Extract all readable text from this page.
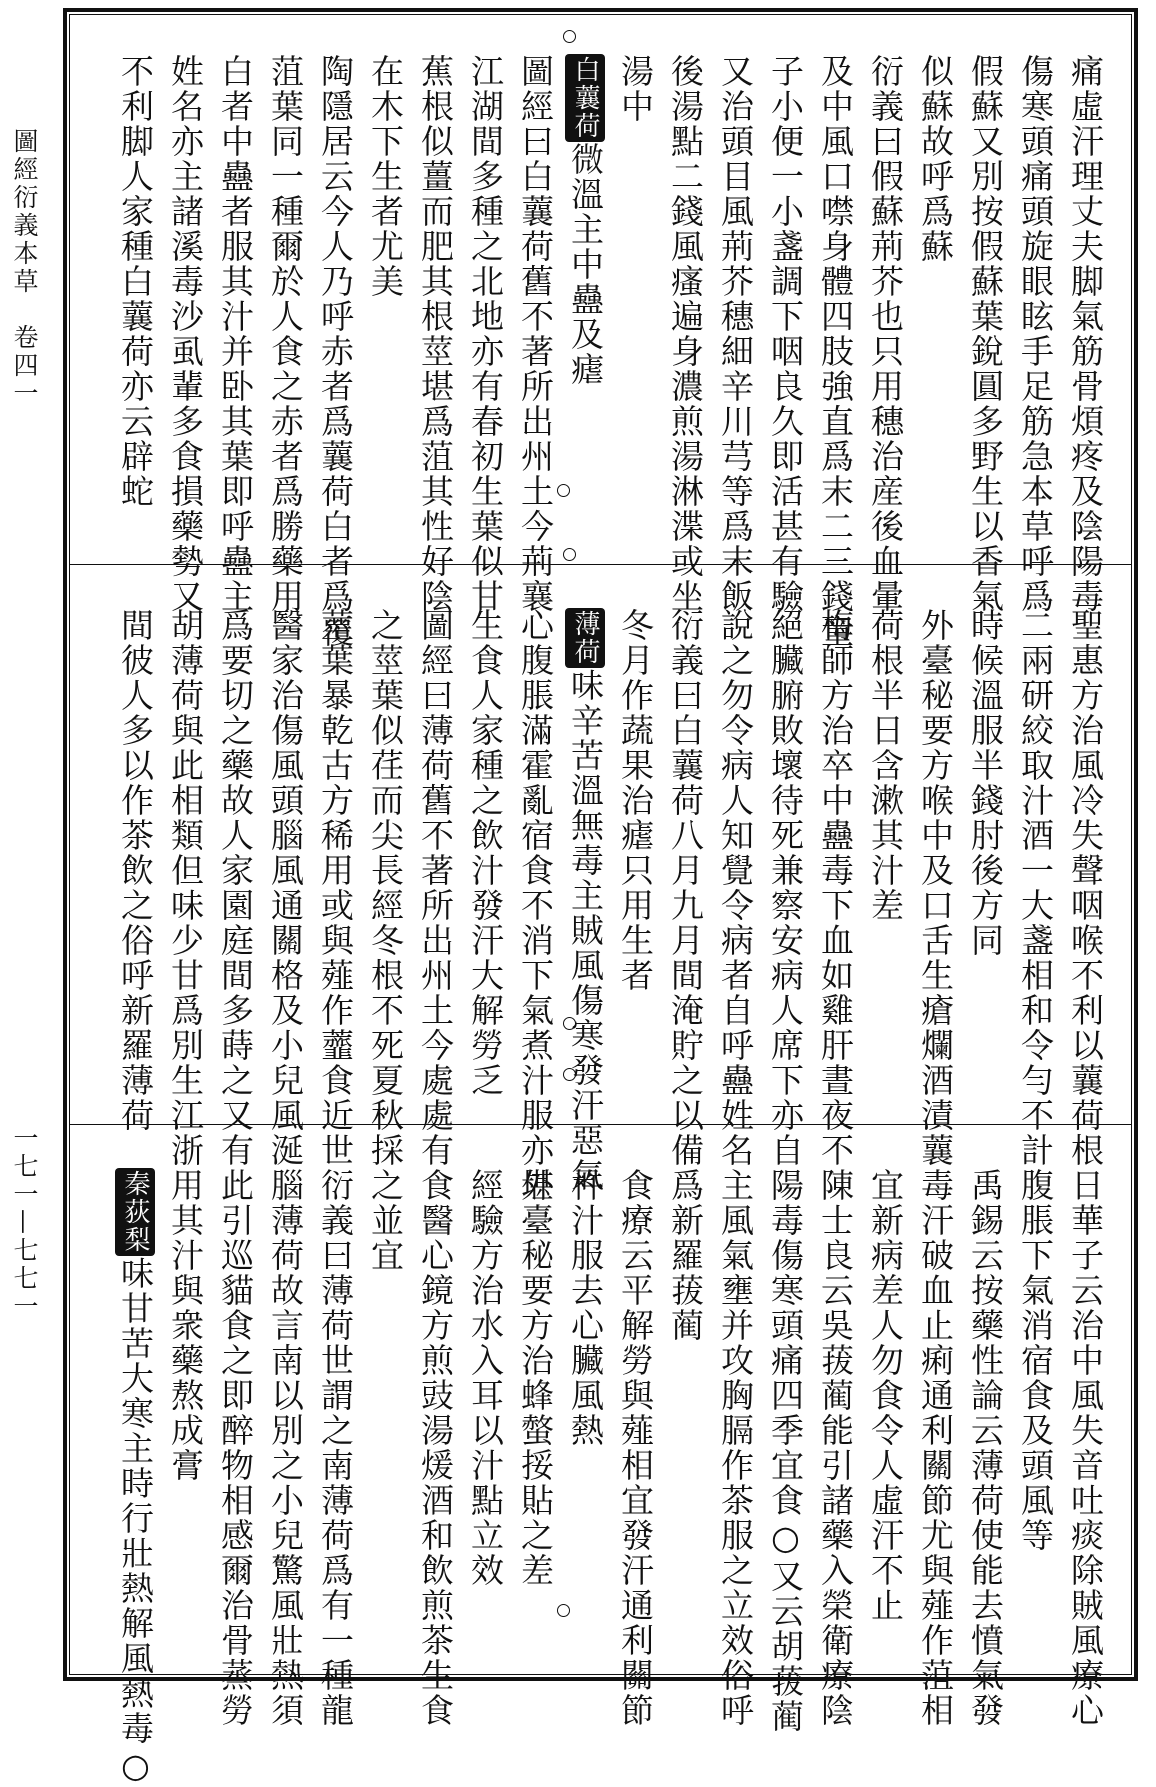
圖經衍義本草　卷四一
一七一—七七一
痛虛汗理丈夫脚氣筋骨煩疼及陰陽毒
傷寒頭痛頭旋眼眩手足筋急本草呼爲
假蘇又別按假蘇葉銳圓多野生以香氣
似蘇故呼爲蘇
衍義曰假蘇荊芥也只用穗治産後血暈
及中風口噤身體四肢強直爲末二三錢童
子小便一小盞調下咽良久即活甚有驗
又治頭目風荊芥穗細辛川芎等爲末飯
後湯點二錢風瘙遍身濃煎湯淋渫或坐
湯中
白蘘荷微溫主中蠱及瘧
圖經曰白蘘荷舊不著所出州土今荊襄
江湖間多種之北地亦有春初生葉似甘
蕉根似薑而肥其根莖堪爲菹其性好陰
在木下生者尤美
陶隱居云今人乃呼赤者爲蘘荷白者爲覆
菹葉同一種爾於人食之赤者爲勝藥用
白者中蠱者服其汁并卧其葉即呼蠱主
姓名亦主諸溪毒沙虱輩多食損藥勢又
不利脚人家種白蘘荷亦云辟蛇
聖惠方治風冷失聲咽喉不利以蘘荷根
二兩研絞取汁酒一大盞相和令勻不計
時候溫服半錢肘後方同
外臺秘要方喉中及口舌生瘡爛酒漬蘘
荷根半日含漱其汁差
梅師方治卒中蠱毒下血如雞肝晝夜不
絕臟腑敗壞待死兼察安病人席下亦自
說之勿令病人知覺令病者自呼蠱姓名
衍義曰白蘘荷八月九月間淹貯之以備
冬月作蔬果治瘧只用生者
薄荷味辛苦溫無毒主賊風傷寒發汗惡氣
心腹脹滿霍亂宿食不消下氣煮汁服亦堪
生食人家種之飲汁發汗大解勞乏
圖經曰薄荷舊不著所出州土今處處有
之莖葉似荏而尖長經冬根不死夏秋採
莖葉暴乾古方稀用或與薤作虀食近世
醫家治傷風頭腦風通關格及小兒風涎
爲要切之藥故人家園庭間多蒔之又有
胡薄荷與此相類但味少甘爲別生江浙
間彼人多以作茶飲之俗呼新羅薄荷
日華子云治中風失音吐痰除賊風療心
腹脹下氣消宿食及頭風等
禹錫云按藥性論云薄荷使能去憤氣發
毒汗破血止痢通利關節尤與薤作菹相
宜新病差人勿食令人虛汗不止
陳士良云吳菝蔺能引諸藥入榮衛療陰
陽毒傷寒頭痛四季宜食○又云胡菝蔺
主風氣壅并攻胸膈作茶服之立效俗呼
爲新羅菝蔺
食療云平解勞與薤相宜發汗通利關節
杵汁服去心臟風熱
外臺秘要方治蜂螫挼貼之差
經驗方治水入耳以汁點立效
食醫心鏡方煎豉湯煖酒和飲煎茶生食
之並宜
衍義曰薄荷世謂之南薄荷爲有一種龍
腦薄荷故言南以別之小兒驚風壯熱須
此引巡貓食之即醉物相感爾治骨蒸勞
用其汁與衆藥熬成膏
秦荻梨味甘苦大寒主時行壯熱解風熱毒○
